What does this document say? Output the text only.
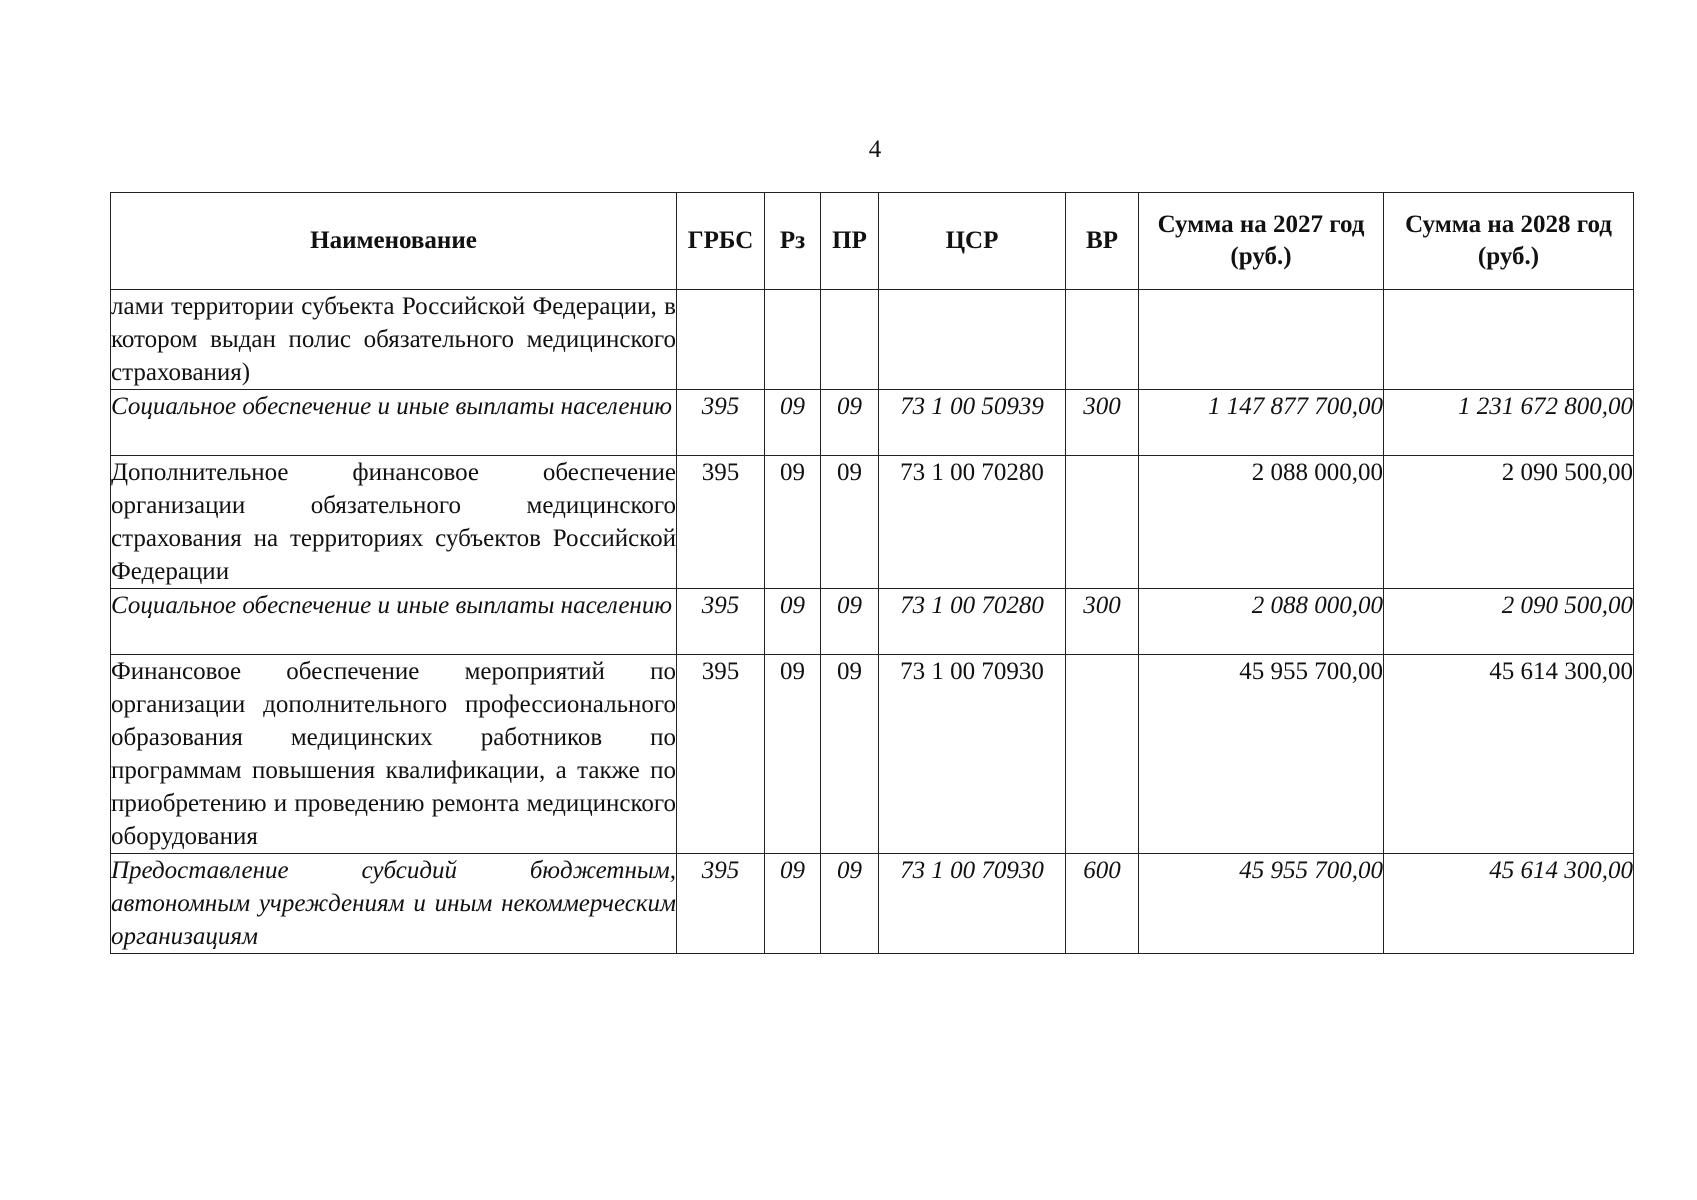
4
Наименование	ГРБС	Рз	ПР	ЦСР	ВР	Сумма на 2027 год (руб.)	Сумма на 2028 год (руб.)
лами территории субъекта Российской Федерации, в котором выдан полис обязательного медицинского страхования)							
Социальное обеспечение и иные выплаты населению	395	09	09	73 1 00 50939	300	1 147 877 700,00	1 231 672 800,00
Дополнительное финансовое обеспечение организации обязательного медицинского страхования на территориях субъектов Российской Федерации	395	09	09	73 1 00 70280		2 088 000,00	2 090 500,00
Социальное обеспечение и иные выплаты населению	395	09	09	73 1 00 70280	300	2 088 000,00	2 090 500,00
Финансовое обеспечение мероприятий по организации дополнительного профессионального образования медицинских работников по программам повышения квалификации, а также по приобретению и проведению ремонта медицинского оборудования	395	09	09	73 1 00 70930		45 955 700,00	45 614 300,00
Предоставление субсидий бюджетным, автономным учреждениям и иным некоммерческим организациям	395	09	09	73 1 00 70930	600	45 955 700,00	45 614 300,00
